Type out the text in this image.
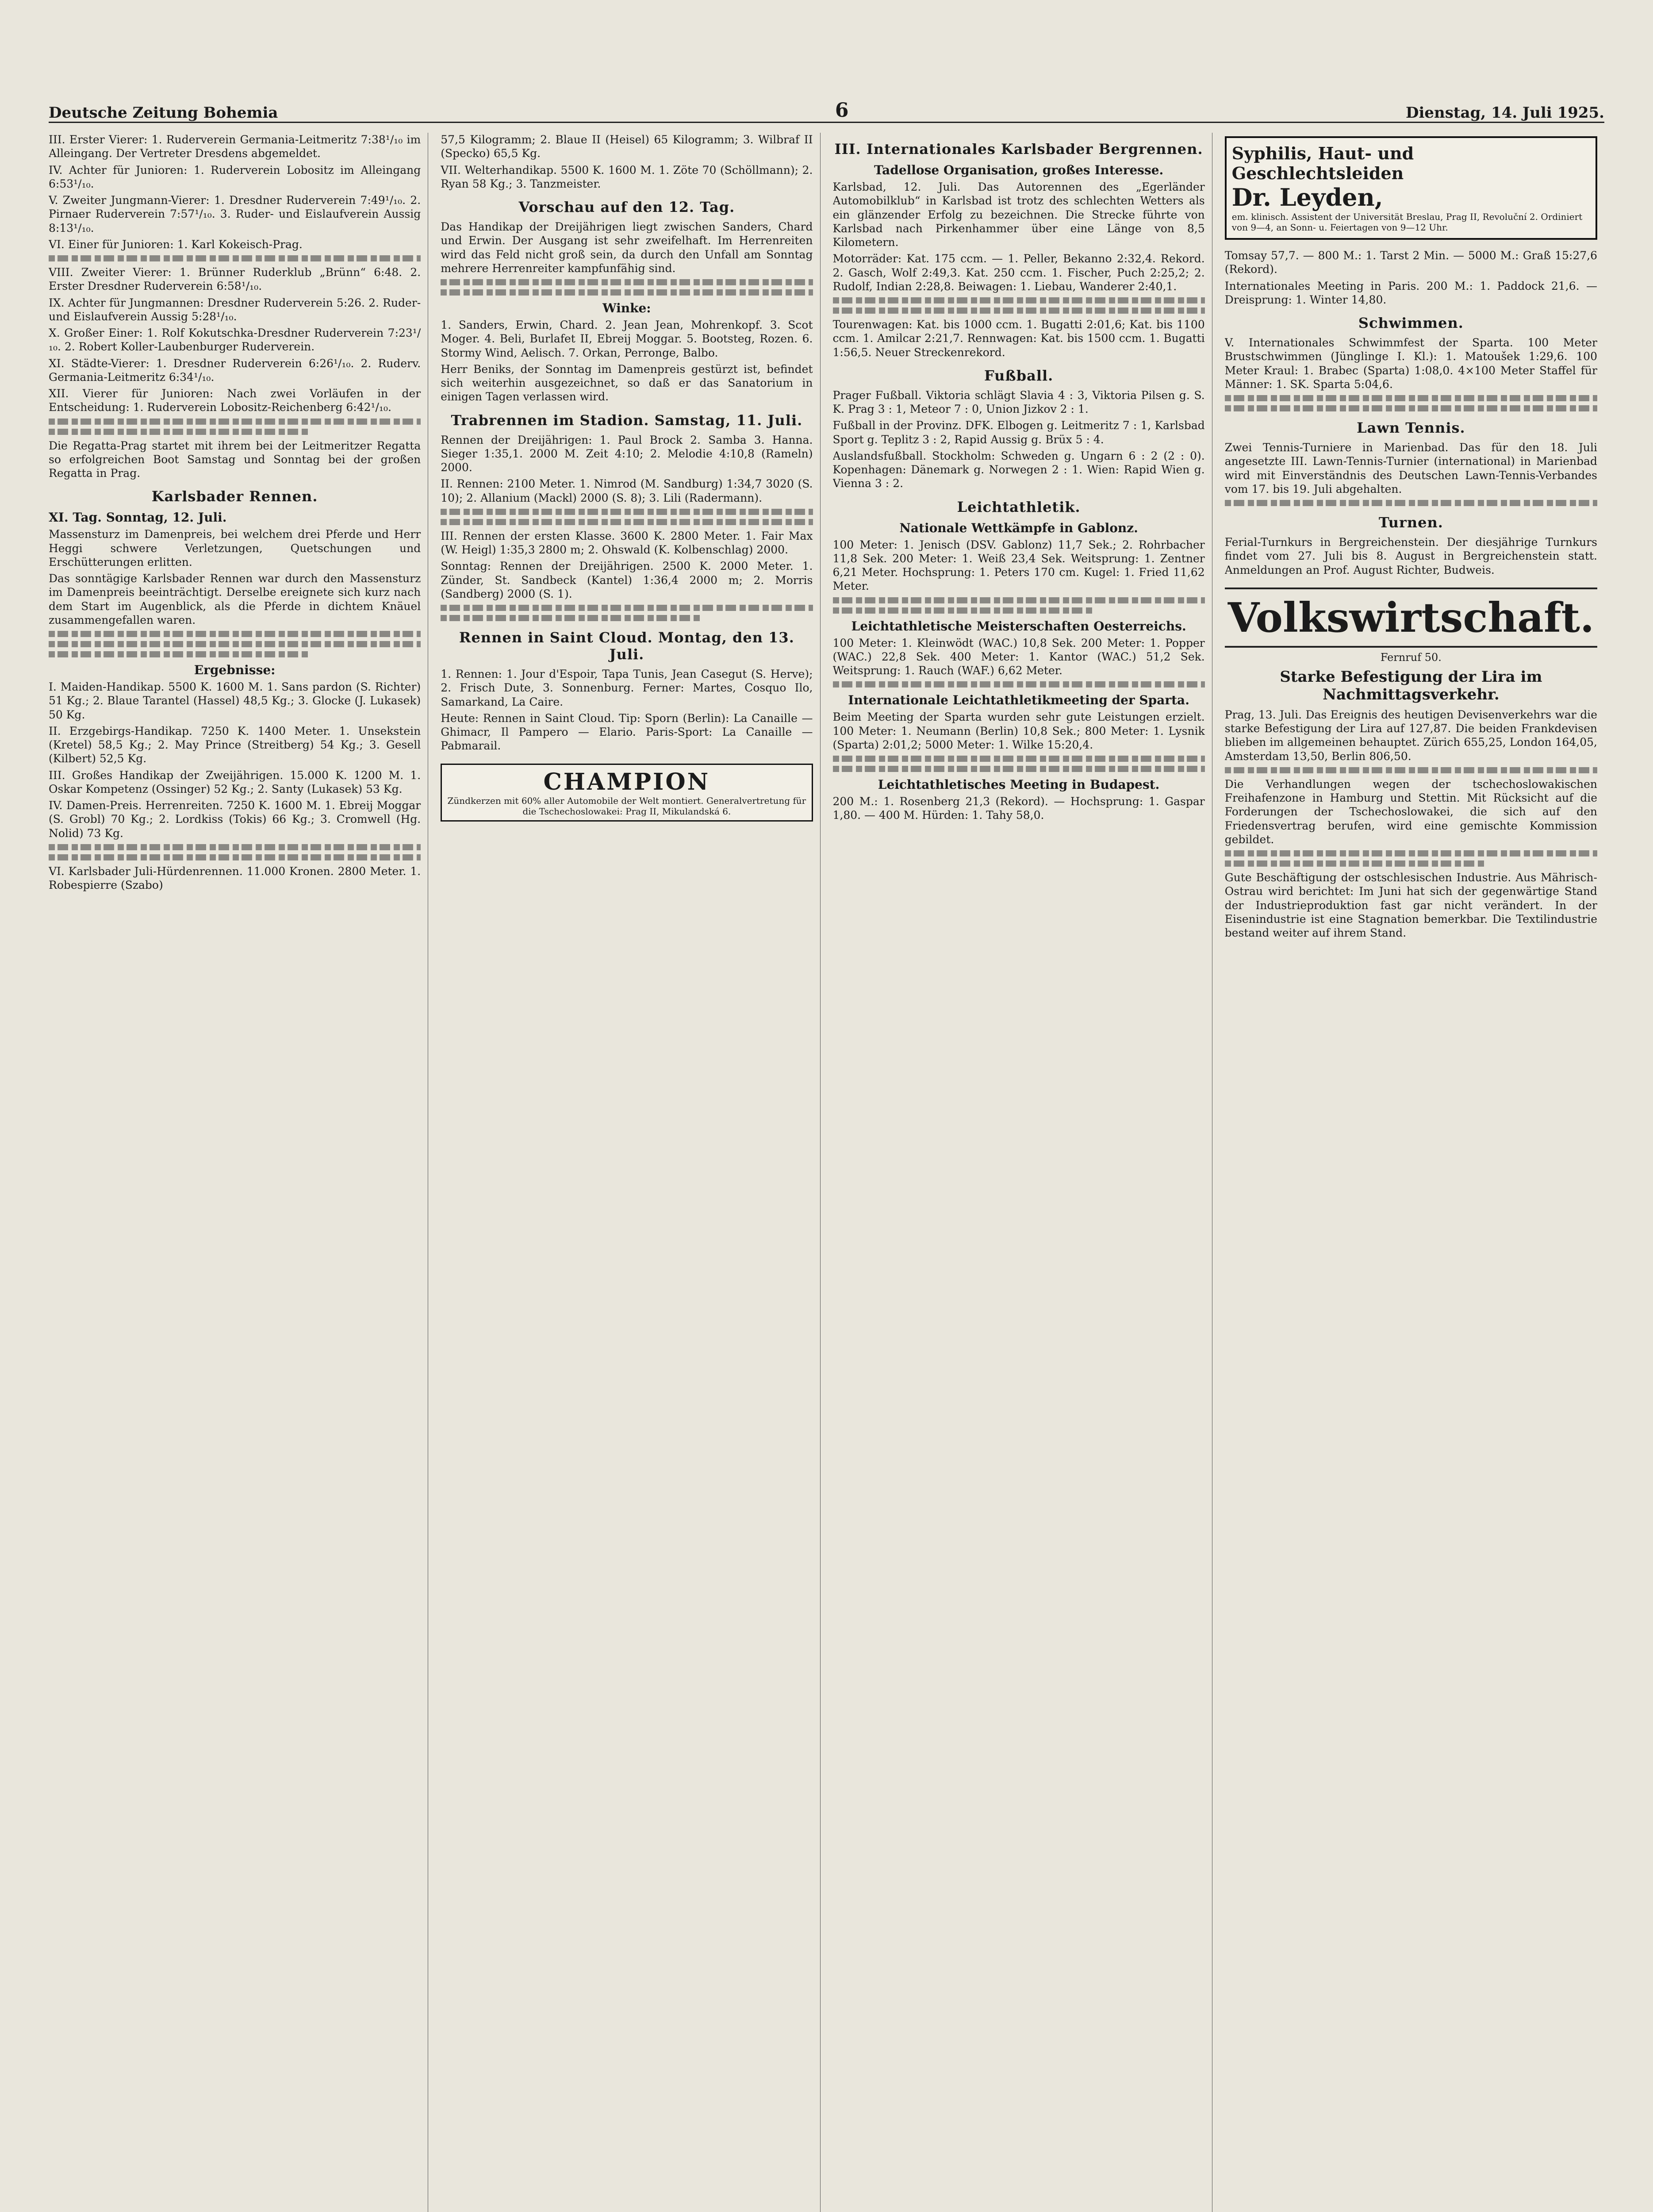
Deutsche Zeitung Bohemia	6	Dienstag, 14. Juli 1925.

III. Erster Vierer: 1. Ruderverein Germania-Leitmeritz 7:38¹/₁₀ im Alleingang. Der Vertreter Dresdens abgemeldet.

IV. Achter für Junioren: 1. Ruderverein Lobositz im Alleingang 6:53¹/₁₀.

V. Zweiter Jungmann-Vierer: 1. Dresdner Ruderverein 7:49¹/₁₀. 2. Pirnaer Ruderverein 7:57¹/₁₀. 3. Ruder- und Eislaufverein Aussig 8:13¹/₁₀.

VI. Einer für Junioren: 1. Karl Kokeisch-Prag.

VIII. Zweiter Vierer: 1. Brünner Ruderklub „Brünn“ 6:48. 2. Erster Dresdner Ruderverein 6:58¹/₁₀.

IX. Achter für Jungmannen: Dresdner Ruderverein 5:26. 2. Ruder- und Eislaufverein Aussig 5:28¹/₁₀.

X. Großer Einer: 1. Rolf Kokutschka-Dresdner Ruderverein 7:23¹/₁₀. 2. Robert Koller-Laubenburger Ruderverein.

XI. Städte-Vierer: 1. Dresdner Ruderverein 6:26¹/₁₀. 2. Ruderv. Germania-Leitmeritz 6:34¹/₁₀.

XII. Vierer für Junioren: Nach zwei Vorläufen in der Entscheidung: 1. Ruderverein Lobositz-Reichenberg 6:42¹/₁₀.

Die Regatta-Prag startet mit ihrem bei der Leitmeritzer Regatta so erfolgreichen Boot Samstag und Sonntag bei der großen Regatta in Prag.

Karlsbader Rennen.
XI. Tag. Sonntag, 12. Juli.

Massensturz im Damenpreis, bei welchem drei Pferde und Herr Heggi schwere Verletzungen, Quetschungen und Erschütterungen erlitten.

Das sonntägige Karlsbader Rennen war durch den Massensturz im Damenpreis beeinträchtigt. Derselbe ereignete sich kurz nach dem Start im Augenblick, als die Pferde in dichtem Knäuel zusammengefallen waren.

Ergebnisse:

I. Maiden-Handikap. 5500 K. 1600 M. 1. Sans pardon (S. Richter) 51 Kg.; 2. Blaue Tarantel (Hassel) 48,5 Kg.; 3. Glocke (J. Lukasek) 50 Kg.

II. Erzgebirgs-Handikap. 7250 K. 1400 Meter. 1. Unsekstein (Kretel) 58,5 Kg.; 2. May Prince (Streitberg) 54 Kg.; 3. Gesell (Kilbert) 52,5 Kg.

III. Großes Handikap der Zweijährigen. 15.000 K. 1200 M. 1. Oskar Kompetenz (Ossinger) 52 Kg.; 2. Santy (Lukasek) 53 Kg.

IV. Damen-Preis. Herrenreiten. 7250 K. 1600 M. 1. Ebreij Moggar (S. Grobl) 70 Kg.; 2. Lordkiss (Tokis) 66 Kg.; 3. Cromwell (Hg. Nolid) 73 Kg.

VI. Karlsbader Juli-Hürdenrennen. 11.000 Kronen. 2800 Meter. 1. Robespierre (Szabo)

57,5 Kilogramm; 2. Blaue II (Heisel) 65 Kilogramm; 3. Wilbraf II (Specko) 65,5 Kg.

VII. Welterhandikap. 5500 K. 1600 M. 1. Zöte 70 (Schöllmann); 2. Ryan 58 Kg.; 3. Tanzmeister.

Vorschau auf den 12. Tag.

Das Handikap der Dreijährigen liegt zwischen Sanders, Chard und Erwin. Der Ausgang ist sehr zweifelhaft. Im Herrenreiten wird das Feld nicht groß sein, da durch den Unfall am Sonntag mehrere Herrenreiter kampfunfähig sind.

Winke:

1. Sanders, Erwin, Chard. 2. Jean Jean, Mohrenkopf. 3. Scot Moger. 4. Beli, Burlafet II, Ebreij Moggar. 5. Bootsteg, Rozen. 6. Stormy Wind, Aelisch. 7. Orkan, Perronge, Balbo.

Herr Beniks, der Sonntag im Damenpreis gestürzt ist, befindet sich weiterhin ausgezeichnet, so daß er das Sanatorium in einigen Tagen verlassen wird.

Trabrennen im Stadion. Samstag, 11. Juli.

Rennen der Dreijährigen: 1. Paul Brock 2. Samba 3. Hanna. Sieger 1:35,1. 2000 M. Zeit 4:10; 2. Melodie 4:10,8 (Rameln) 2000.

II. Rennen: 2100 Meter. 1. Nimrod (M. Sandburg) 1:34,7 3020 (S. 10); 2. Allanium (Mackl) 2000 (S. 8); 3. Lili (Radermann).

III. Rennen der ersten Klasse. 3600 K. 2800 Meter. 1. Fair Max (W. Heigl) 1:35,3 2800 m; 2. Ohswald (K. Kolbenschlag) 2000.

Sonntag: Rennen der Dreijährigen. 2500 K. 2000 Meter. 1. Zünder, St. Sandbeck (Kantel) 1:36,4 2000 m; 2. Morris (Sandberg) 2000 (S. 1).

Rennen in Saint Cloud. Montag, den 13. Juli.

1. Rennen: 1. Jour d'Espoir, Tapa Tunis, Jean Casegut (S. Herve); 2. Frisch Dute, 3. Sonnenburg. Ferner: Martes, Cosquo Ilo, Samarkand, La Caire.

Heute: Rennen in Saint Cloud. Tip: Sporn (Berlin): La Canaille — Ghimacr, Il Pampero — Elario. Paris-Sport: La Canaille — Pabmarail.

CHAMPION
Zündkerzen mit 60% aller Automobile der Welt montiert. Generalvertretung für die Tschechoslowakei: Prag II, Mikulandská 6.
III. Internationales Karlsbader Bergrennen.
Tadellose Organisation, großes Interesse.

Karlsbad, 12. Juli. Das Autorennen des „Egerländer Automobilklub“ in Karlsbad ist trotz des schlechten Wetters als ein glänzender Erfolg zu bezeichnen. Die Strecke führte von Karlsbad nach Pirkenhammer über eine Länge von 8,5 Kilometern.

Motorräder: Kat. 175 ccm. — 1. Peller, Bekanno 2:32,4. Rekord. 2. Gasch, Wolf 2:49,3. Kat. 250 ccm. 1. Fischer, Puch 2:25,2; 2. Rudolf, Indian 2:28,8. Beiwagen: 1. Liebau, Wanderer 2:40,1.

Tourenwagen: Kat. bis 1000 ccm. 1. Bugatti 2:01,6; Kat. bis 1100 ccm. 1. Amilcar 2:21,7. Rennwagen: Kat. bis 1500 ccm. 1. Bugatti 1:56,5. Neuer Streckenrekord.

Fußball.

Prager Fußball. Viktoria schlägt Slavia 4 : 3, Viktoria Pilsen g. S. K. Prag 3 : 1, Meteor 7 : 0, Union Jizkov 2 : 1.

Fußball in der Provinz. DFK. Elbogen g. Leitmeritz 7 : 1, Karlsbad Sport g. Teplitz 3 : 2, Rapid Aussig g. Brüx 5 : 4.

Auslandsfußball. Stockholm: Schweden g. Ungarn 6 : 2 (2 : 0). Kopenhagen: Dänemark g. Norwegen 2 : 1. Wien: Rapid Wien g. Vienna 3 : 2.

Leichtathletik.
Nationale Wettkämpfe in Gablonz.

100 Meter: 1. Jenisch (DSV. Gablonz) 11,7 Sek.; 2. Rohrbacher 11,8 Sek. 200 Meter: 1. Weiß 23,4 Sek. Weitsprung: 1. Zentner 6,21 Meter. Hochsprung: 1. Peters 170 cm. Kugel: 1. Fried 11,62 Meter.

Leichtathletische Meisterschaften Oesterreichs.

100 Meter: 1. Kleinwödt (WAC.) 10,8 Sek. 200 Meter: 1. Popper (WAC.) 22,8 Sek. 400 Meter: 1. Kantor (WAC.) 51,2 Sek. Weitsprung: 1. Rauch (WAF.) 6,62 Meter.

Internationale Leichtathletikmeeting der Sparta.

Beim Meeting der Sparta wurden sehr gute Leistungen erzielt. 100 Meter: 1. Neumann (Berlin) 10,8 Sek.; 800 Meter: 1. Lysnik (Sparta) 2:01,2; 5000 Meter: 1. Wilke 15:20,4.

Leichtathletisches Meeting in Budapest.

200 M.: 1. Rosenberg 21,3 (Rekord). — Hochsprung: 1. Gaspar 1,80. — 400 M. Hürden: 1. Tahy 58,0.

Syphilis, Haut- und Geschlechtsleiden
Dr. Leyden,
em. klinisch. Assistent der Universität Breslau, Prag II, Revoluční 2. Ordiniert von 9—4, an Sonn- u. Feiertagen von 9—12 Uhr.

Tomsay 57,7. — 800 M.: 1. Tarst 2 Min. — 5000 M.: Graß 15:27,6 (Rekord).

Internationales Meeting in Paris. 200 M.: 1. Paddock 21,6. — Dreisprung: 1. Winter 14,80.

Schwimmen.

V. Internationales Schwimmfest der Sparta. 100 Meter Brustschwimmen (Jünglinge I. Kl.): 1. Matoušek 1:29,6. 100 Meter Kraul: 1. Brabec (Sparta) 1:08,0. 4×100 Meter Staffel für Männer: 1. SK. Sparta 5:04,6.

Lawn Tennis.

Zwei Tennis-Turniere in Marienbad. Das für den 18. Juli angesetzte III. Lawn-Tennis-Turnier (international) in Marienbad wird mit Einverständnis des Deutschen Lawn-Tennis-Verbandes vom 17. bis 19. Juli abgehalten.

Turnen.

Ferial-Turnkurs in Bergreichenstein. Der diesjährige Turnkurs findet vom 27. Juli bis 8. August in Bergreichenstein statt. Anmeldungen an Prof. August Richter, Budweis.

Volkswirtschaft.
Fernruf 50.
Starke Befestigung der Lira im Nachmittagsverkehr.

Prag, 13. Juli. Das Ereignis des heutigen Devisenverkehrs war die starke Befestigung der Lira auf 127,87. Die beiden Frankdevisen blieben im allgemeinen behauptet. Zürich 655,25, London 164,05, Amsterdam 13,50, Berlin 806,50.

Die Verhandlungen wegen der tschechoslowakischen Freihafenzone in Hamburg und Stettin. Mit Rücksicht auf die Forderungen der Tschechoslowakei, die sich auf den Friedensvertrag berufen, wird eine gemischte Kommission gebildet.

Gute Beschäftigung der ostschlesischen Industrie. Aus Mährisch-Ostrau wird berichtet: Im Juni hat sich der gegenwärtige Stand der Industrieproduktion fast gar nicht verändert. In der Eisenindustrie ist eine Stagnation bemerkbar. Die Textilindustrie bestand weiter auf ihrem Stand.
